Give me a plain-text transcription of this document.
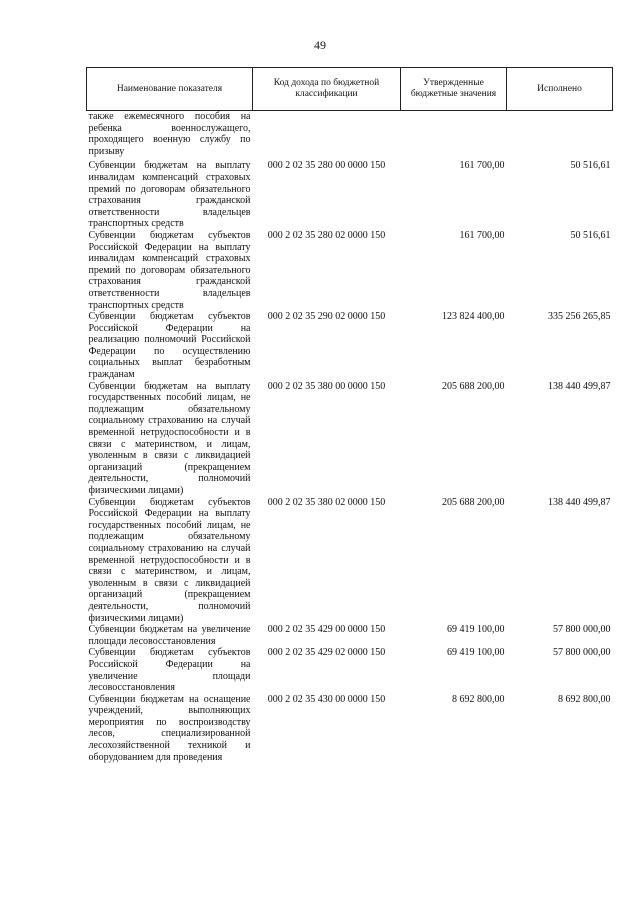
49
Наименование показателя	Код дохода по бюджетной классификации	Утвержденные бюджетные значения	Исполнено
также ежемесячного пособия на ребенка военнослужащего, проходящего военную службу по призыву			
Субвенции бюджетам на выплату инвалидам компенсаций страховых премий по договорам обязательного страхования гражданской ответственности владельцев транспортных средств	000 2 02 35 280 00 0000 150	161 700,00	50 516,61
Субвенции бюджетам субъектов Российской Федерации на выплату инвалидам компенсаций страховых премий по договорам обязательного страхования гражданской ответственности владельцев транспортных средств	000 2 02 35 280 02 0000 150	161 700,00	50 516,61
Субвенции бюджетам субъектов Российской Федерации на реализацию полномочий Российской Федерации по осуществлению социальных выплат безработным гражданам	000 2 02 35 290 02 0000 150	123 824 400,00	335 256 265,85
Субвенции бюджетам на выплату государственных пособий лицам, не подлежащим обязательному социальному страхованию на случай временной нетрудоспособности и в связи с материнством, и лицам, уволенным в связи с ликвидацией организаций (прекращением деятельности, полномочий физическими лицами)	000 2 02 35 380 00 0000 150	205 688 200,00	138 440 499,87
Субвенции бюджетам субъектов Российской Федерации на выплату государственных пособий лицам, не подлежащим обязательному социальному страхованию на случай временной нетрудоспособности и в связи с материнством, и лицам, уволенным в связи с ликвидацией организаций (прекращением деятельности, полномочий физическими лицами)	000 2 02 35 380 02 0000 150	205 688 200,00	138 440 499,87
Субвенции бюджетам на увеличение площади лесовосстановления	000 2 02 35 429 00 0000 150	69 419 100,00	57 800 000,00
Субвенции бюджетам субъектов Российской Федерации на увеличение площади лесовосстановления	000 2 02 35 429 02 0000 150	69 419 100,00	57 800 000,00
Субвенции бюджетам на оснащение учреждений, выполняющих мероприятия по воспроизводству лесов, специализированной лесохозяйственной техникой и оборудованием для проведения	000 2 02 35 430 00 0000 150	8 692 800,00	8 692 800,00
